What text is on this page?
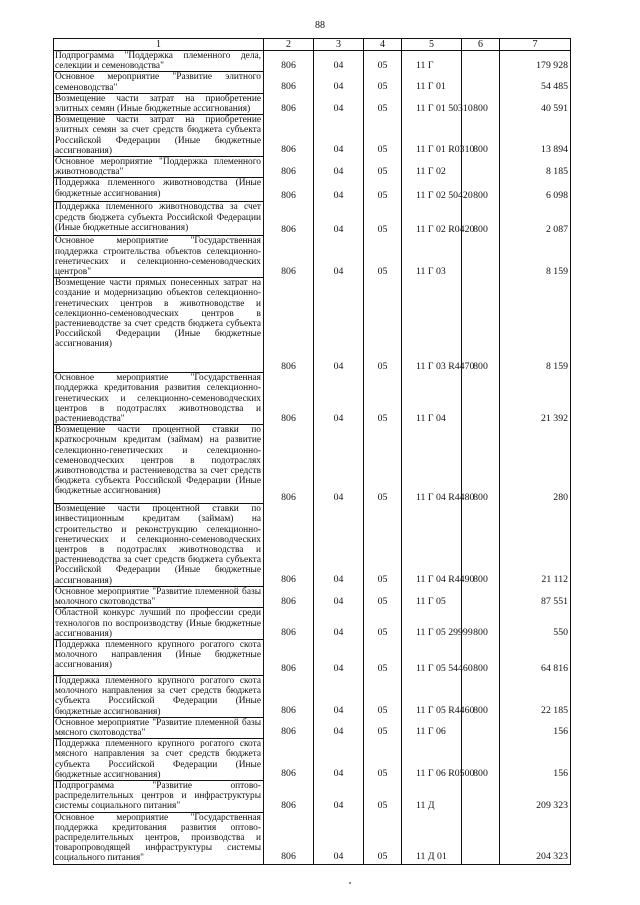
88
1	2	3	4	5	6	7
Подпрограмма "Поддержка племенного дела, селекции и семеноводства"	806	04	05	11 Г		179 928
Основное мероприятие "Развитие элитного семеноводства"	806	04	05	11 Г 01		54 485
Возмещение части затрат на приобретение элитных семян (Иные бюджетные ассигнования)	806	04	05	11 Г 01 50310	800	40 591
Возмещение части затрат на приобретение элитных семян за счет средств бюджета субъекта Российской Федерации (Иные бюджетные ассигнования)	806	04	05	11 Г 01 R0310	800	13 894
Основное мероприятие "Поддержка племенного животноводства"	806	04	05	11 Г 02		8 185
Поддержка племенного животноводства (Иные бюджетные ассигнования)	806	04	05	11 Г 02 50420	800	6 098
Поддержка племенного животноводства за счет средств бюджета субъекта Российской Федерации (Иные бюджетные ассигнования)	806	04	05	11 Г 02 R0420	800	2 087
Основное мероприятие "Государственная поддержка строительства объектов селекционно-генетических и селекционно-семеноводческих центров"	806	04	05	11 Г 03		8 159
Возмещение части прямых понесенных затрат на создание и модернизацию объектов селекционно-генетических центров в животноводстве и селекционно-семеноводческих центров в растениеводстве за счет средств бюджета субъекта Российской Федерации (Иные бюджетные ассигнования)	806	04	05	11 Г 03 R4470	800	8 159
Основное мероприятие "Государственная поддержка кредитования развития селекционно-генетических и селекционно-семеноводческих центров в подотраслях животноводства и растениеводства"	806	04	05	11 Г 04		21 392
Возмещение части процентной ставки по краткосрочным кредитам (займам) на развитие селекционно-генетических и селекционно-семеноводческих центров в подотраслях животноводства и растениеводства за счет средств бюджета субъекта Российской Федерации (Иные бюджетные ассигнования)	806	04	05	11 Г 04 R4480	800	280
Возмещение части процентной ставки по инвестиционным кредитам (займам) на строительство и реконструкцию селекционно-генетических и селекционно-семеноводческих центров в подотраслях животноводства и растениеводства за счет средств бюджета субъекта Российской Федерации (Иные бюджетные ассигнования)	806	04	05	11 Г 04 R4490	800	21 112
Основное мероприятие "Развитие племенной базы молочного скотоводства"	806	04	05	11 Г 05		87 551
Областной конкурс лучший по профессии среди технологов по воспроизводству (Иные бюджетные ассигнования)	806	04	05	11 Г 05 29999	800	550
Поддержка племенного крупного рогатого скота молочного направления (Иные бюджетные ассигнования)	806	04	05	11 Г 05 54460	800	64 816
Поддержка племенного крупного рогатого скота молочного направления за счет средств бюджета субъекта Российской Федерации (Иные бюджетные ассигнования)	806	04	05	11 Г 05 R4460	800	22 185
Основное мероприятие "Развитие племенной базы мясного скотоводства"	806	04	05	11 Г 06		156
Поддержка племенного крупного рогатого скота мясного направления за счет средств бюджета субъекта Российской Федерации (Иные бюджетные ассигнования)	806	04	05	11 Г 06 R0500	800	156
Подпрограмма "Развитие оптово-распределительных центров и инфраструктуры системы социального питания"	806	04	05	11 Д		209 323
Основное мероприятие "Государственная поддержка кредитования развития оптово-распределительных центров, производства и товаропроводящей инфраструктуры системы социального питания"	806	04	05	11 Д 01		204 323
